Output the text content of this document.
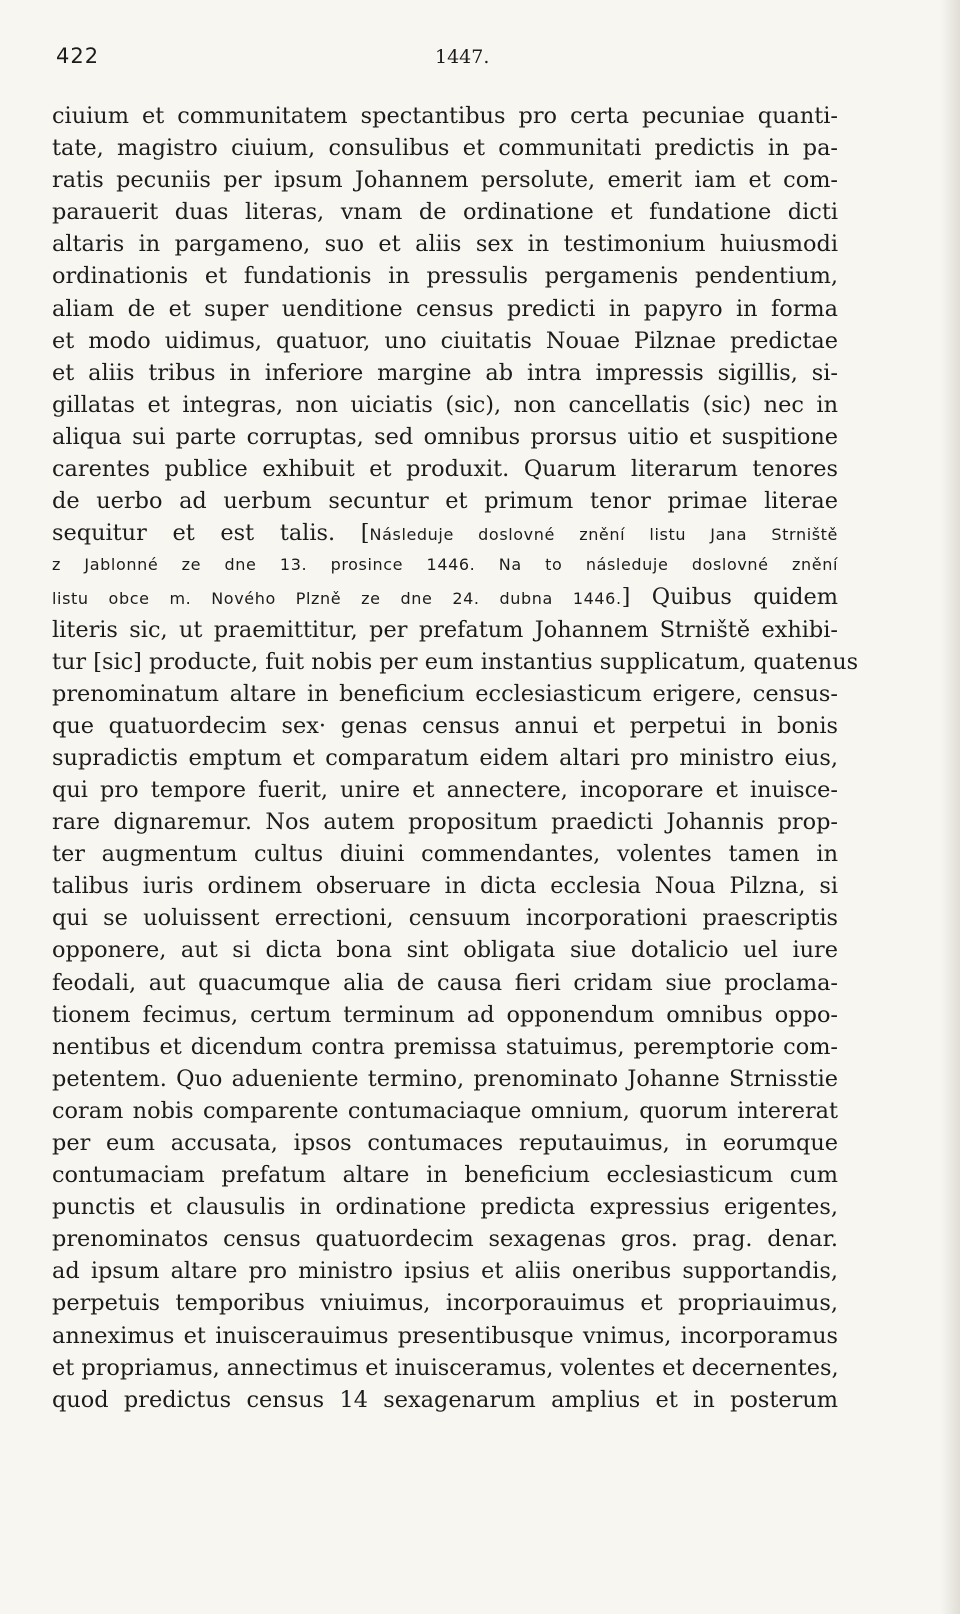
422	1447.
ciuium et communitatem spectantibus pro certa pecuniae quanti-
tate, magistro ciuium, consulibus et communitati predictis in pa-
ratis pecuniis per ipsum Johannem persolute, emerit iam et com-
parauerit duas literas, vnam de ordinatione et fundatione dicti
altaris in pargameno, suo et aliis sex in testimonium huiusmodi
ordinationis et fundationis in pressulis pergamenis pendentium,
aliam de et super uenditione census predicti in papyro in forma
et modo uidimus, quatuor, uno ciuitatis Nouae Pilznae predictae
et aliis tribus in inferiore margine ab intra impressis sigillis, si-
gillatas et integras, non uiciatis (sic), non cancellatis (sic) nec in
aliqua sui parte corruptas, sed omnibus prorsus uitio et suspitione
carentes publice exhibuit et produxit. Quarum literarum tenores
de uerbo ad uerbum secuntur et primum tenor primae literae
sequitur et est talis. [Následuje doslovné znění listu Jana Strniště
z Jablonné ze dne 13. prosince 1446. Na to následuje doslovné znění
listu obce m. Nového Plzně ze dne 24. dubna 1446.] Quibus quidem
literis sic, ut praemittitur, per prefatum Johannem Strniště exhibi-
tur [sic] producte, fuit nobis per eum instantius supplicatum, quatenus
prenominatum altare in beneficium ecclesiasticum erigere, census-
que quatuordecim sex· genas census annui et perpetui in bonis
supradictis emptum et comparatum eidem altari pro ministro eius,
qui pro tempore fuerit, unire et annectere, incoporare et inuisce-
rare dignaremur. Nos autem propositum praedicti Johannis prop-
ter augmentum cultus diuini commendantes, volentes tamen in
talibus iuris ordinem obseruare in dicta ecclesia Noua Pilzna, si
qui se uoluissent errectioni, censuum incorporationi praescriptis
opponere, aut si dicta bona sint obligata siue dotalicio uel iure
feodali, aut quacumque alia de causa fieri cridam siue proclama-
tionem fecimus, certum terminum ad opponendum omnibus oppo-
nentibus et dicendum contra premissa statuimus, peremptorie com-
petentem. Quo adueniente termino, prenominato Johanne Strnisstie
coram nobis comparente contumaciaque omnium, quorum intererat
per eum accusata, ipsos contumaces reputauimus, in eorumque
contumaciam prefatum altare in beneficium ecclesiasticum cum
punctis et clausulis in ordinatione predicta expressius erigentes,
prenominatos census quatuordecim sexagenas gros. prag. denar.
ad ipsum altare pro ministro ipsius et aliis oneribus supportandis,
perpetuis temporibus vniuimus, incorporauimus et propriauimus,
anneximus et inuiscerauimus presentibusque vnimus, incorporamus
et propriamus, annectimus et inuisceramus, volentes et decernentes,
quod predictus census 14 sexagenarum amplius et in posterum
